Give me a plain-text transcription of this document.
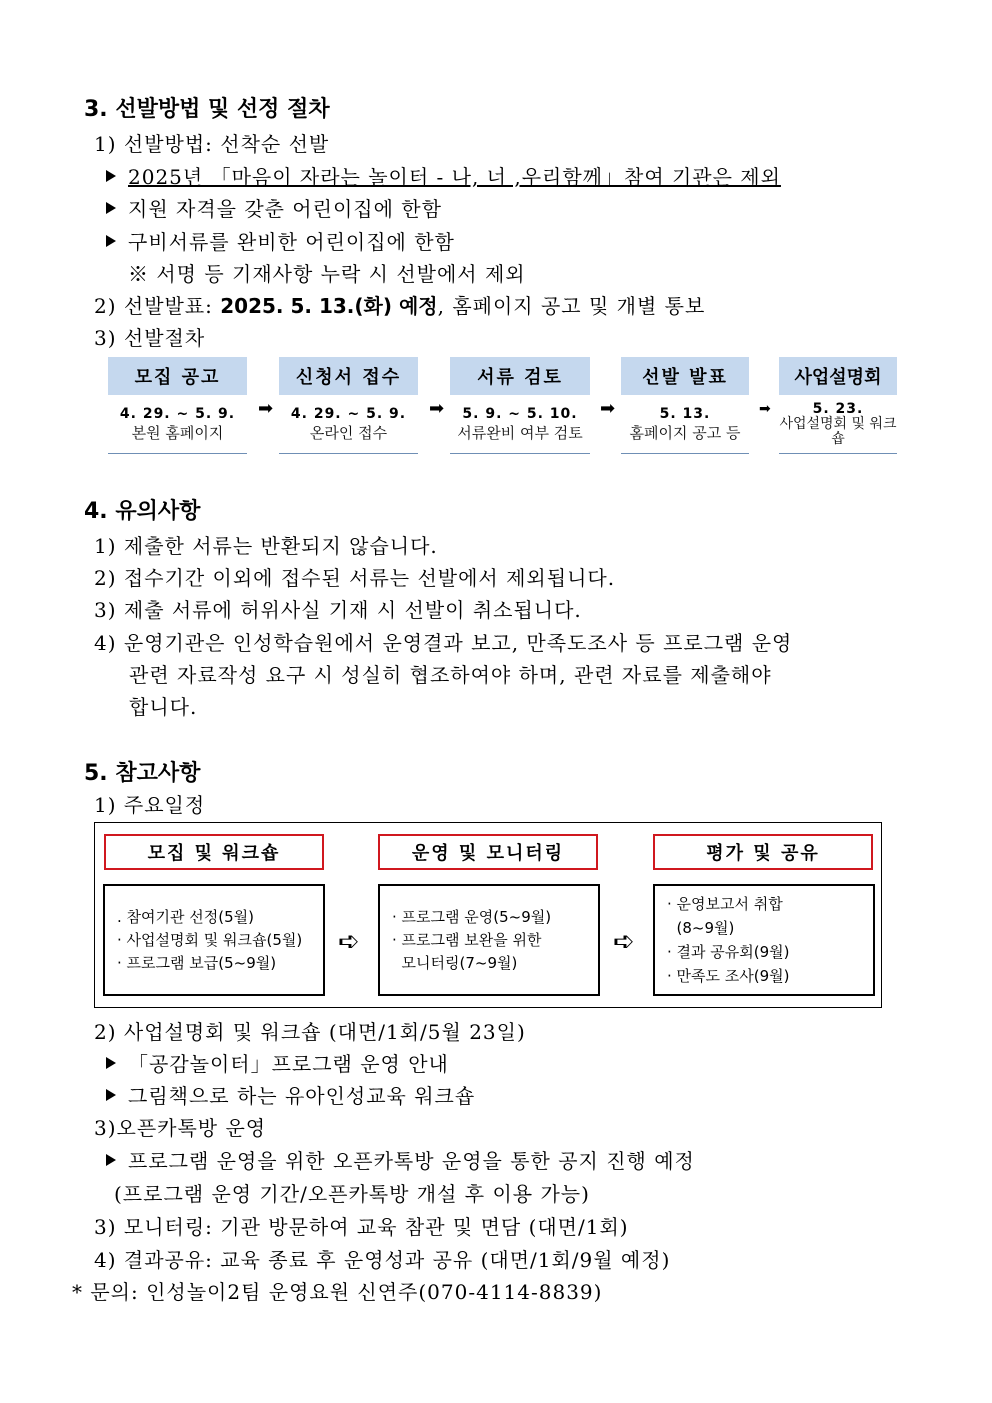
3. 선발방법 및 선정 절차
1) 선발방법: 선착순 선발
2025년 「마음이 자라는 놀이터 - 나, 너 ,우리함께」참여 기관은 제외
지원 자격을 갖춘 어린이집에 한함
구비서류를 완비한 어린이집에 한함
※ 서명 등 기재사항 누락 시 선발에서 제외
2) 선발발표: 2025. 5. 13.(화) 예정, 홈페이지 공고 및 개별 통보
3) 선발절차
모집 공고
4. 29. ~ 5. 9.
본원 홈페이지
➡
신청서 접수
4. 29. ~ 5. 9.
온라인 접수
➡
서류 검토
5. 9. ~ 5. 10.
서류완비 여부 검토
➡
선발 발표
5. 13.
홈페이지 공고 등
➡
사업설명회
5. 23.
사업설명회 및 워크숍
4. 유의사항
1) 제출한 서류는 반환되지 않습니다.
2) 접수기간 이외에 접수된 서류는 선발에서 제외됩니다.
3) 제출 서류에 허위사실 기재 시 선발이 취소됩니다.
4) 운영기관은 인성학습원에서 운영결과 보고, 만족도조사 등 프로그램 운영
관련 자료작성 요구 시 성실히 협조하여야 하며, 관련 자료를 제출해야
합니다.
5. 참고사항
1) 주요일정
모집 및 워크숍	운영 및 모니터링	평가 및 공유
. 참여기관 선정(5월)
· 사업설명회 및 워크숍(5월)
· 프로그램 보급(5~9월)
➪
· 프로그램 운영(5~9월)
· 프로그램 보완을 위한
모니터링(7~9월)
➪
· 운영보고서 취합
(8~9월)
· 결과 공유회(9월)
· 만족도 조사(9월)
2) 사업설명회 및 워크숍 (대면/1회/5월 23일)
「공감놀이터」프로그램 운영 안내
그림책으로 하는 유아인성교육 워크숍
3)오픈카톡방 운영
프로그램 운영을 위한 오픈카톡방 운영을 통한 공지 진행 예정
(프로그램 운영 기간/오픈카톡방 개설 후 이용 가능)
3) 모니터링: 기관 방문하여 교육 참관 및 면담 (대면/1회)
4) 결과공유: 교육 종료 후 운영성과 공유 (대면/1회/9월 예정)
* 문의: 인성놀이2팀 운영요원 신연주(070-4114-8839)
